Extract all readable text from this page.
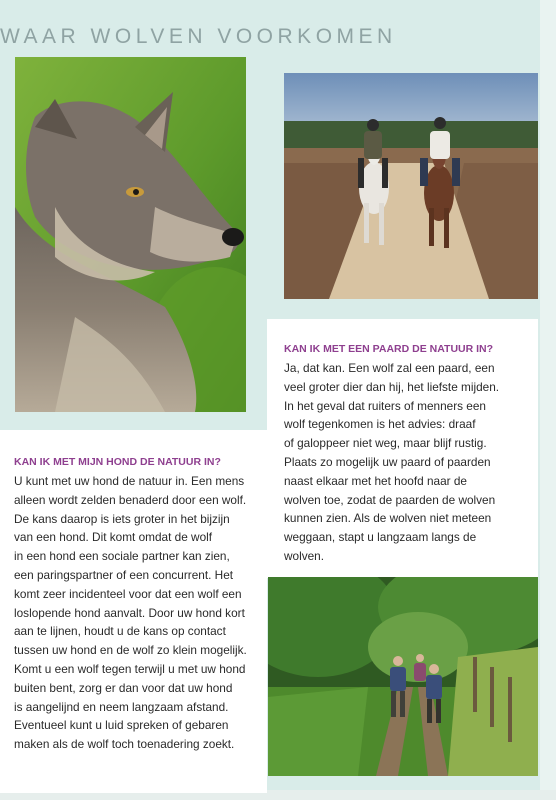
WAAR WOLVEN VOORKOMEN
KAN IK MET EEN PAARD DE NATUUR IN?
Ja, dat kan. Een wolf zal een paard, een
veel groter dier dan hij, het liefste mijden.
In het geval dat ruiters of menners een
wolf tegenkomen is het advies: draaf
of galoppeer niet weg, maar blijf rustig.
Plaats zo mogelijk uw paard of paarden
naast elkaar met het hoofd naar de
wolven toe, zodat de paarden de wolven
kunnen zien. Als de wolven niet meteen
weggaan, stapt u langzaam langs de
wolven.
KAN IK MET MIJN HOND DE NATUUR IN?
U kunt met uw hond de natuur in. Een mens
alleen wordt zelden benaderd door een wolf.
De kans daarop is iets groter in het bijzijn
van een hond. Dit komt omdat de wolf
in een hond een sociale partner kan zien,
een paringspartner of een concurrent. Het
komt zeer incidenteel voor dat een wolf een
loslopende hond aanvalt. Door uw hond kort
aan te lijnen, houdt u de kans op contact
tussen uw hond en de wolf zo klein mogelijk.
Komt u een wolf tegen terwijl u met uw hond
buiten bent, zorg er dan voor dat uw hond
is aangelijnd en neem langzaam afstand.
Eventueel kunt u luid spreken of gebaren
maken als de wolf toch toenadering zoekt.
